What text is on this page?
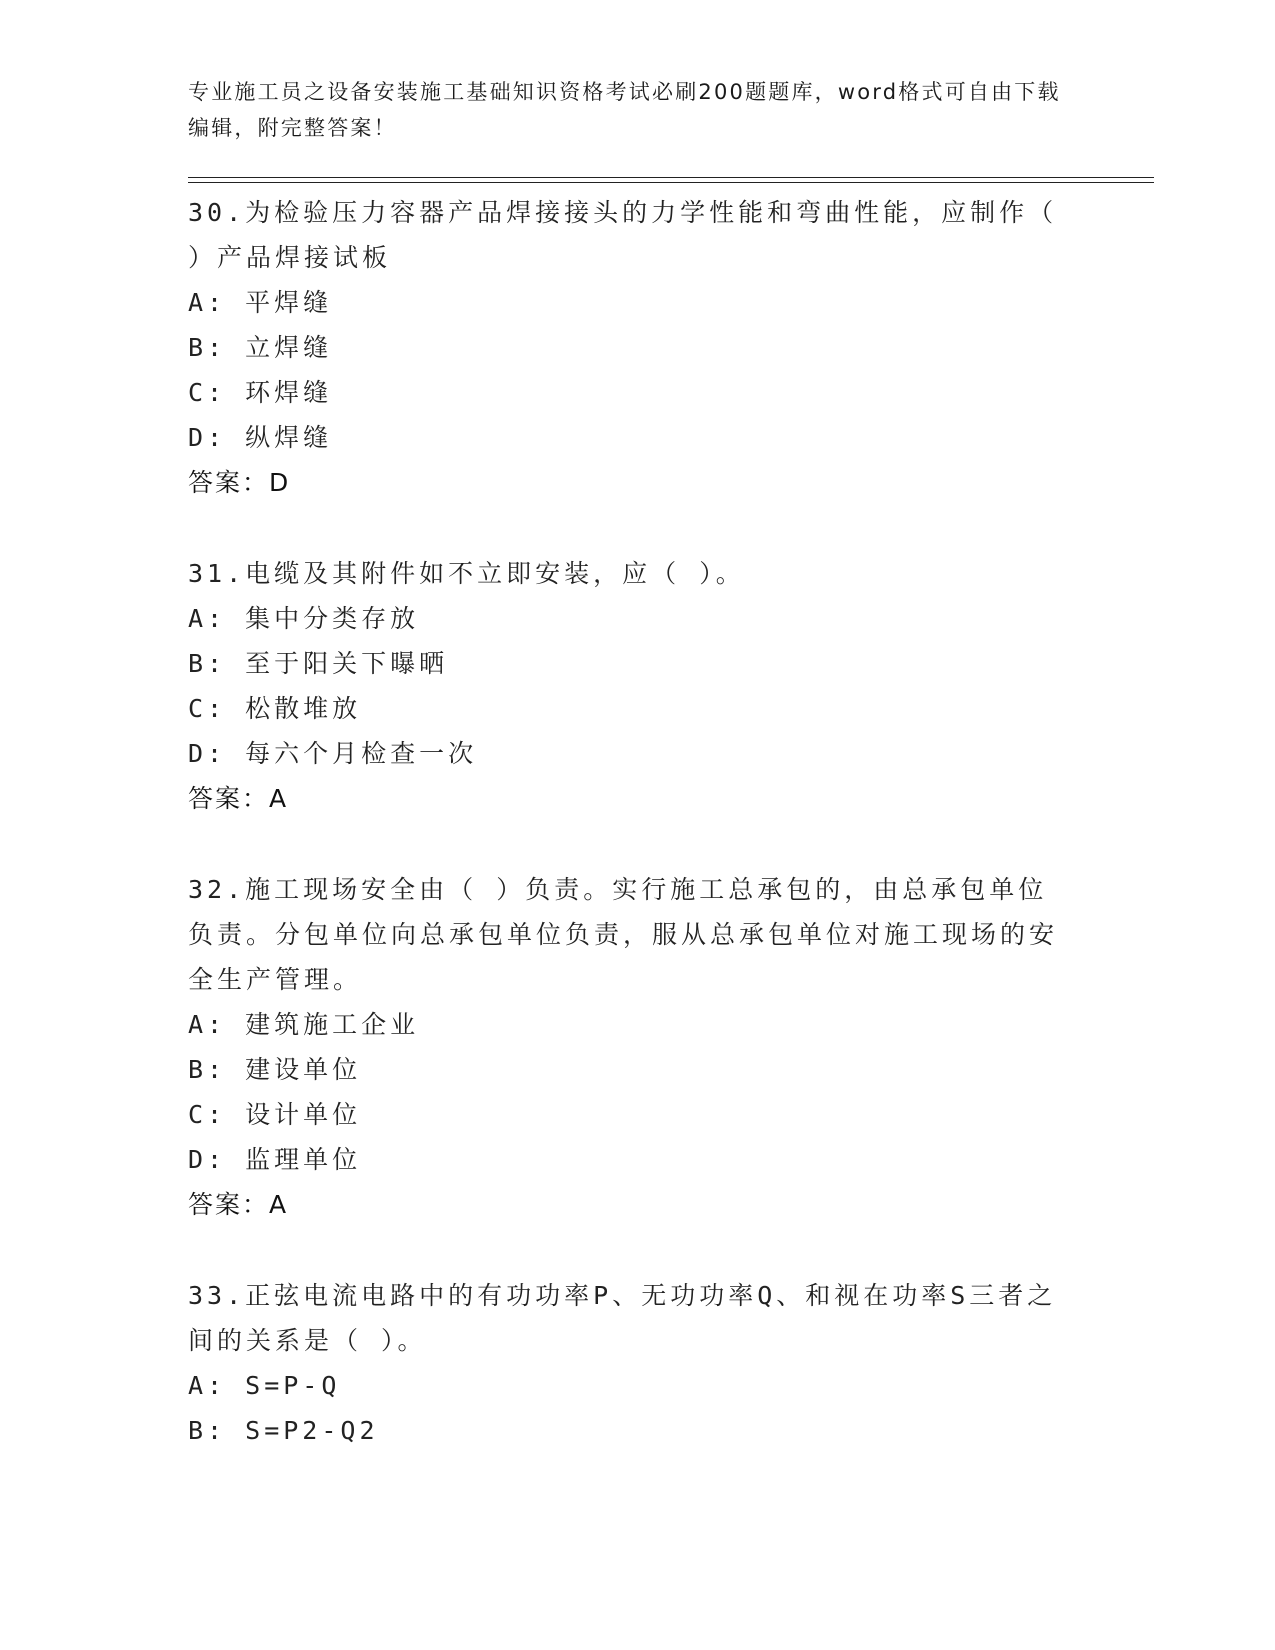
专业施工员之设备安装施工基础知识资格考试必刷200题题库，word格式可自由下载编辑，附完整答案！
30.为检验压力容器产品焊接接头的力学性能和弯曲性能，应制作（ ）产品焊接试板
A: 平焊缝
B: 立焊缝
C: 环焊缝
D: 纵焊缝
答案：D
31.电缆及其附件如不立即安装，应（ ）。
A: 集中分类存放
B: 至于阳关下曝晒
C: 松散堆放
D: 每六个月检查一次
答案：A
32.施工现场安全由（ ）负责。实行施工总承包的，由总承包单位负责。分包单位向总承包单位负责，服从总承包单位对施工现场的安全生产管理。
A: 建筑施工企业
B: 建设单位
C: 设计单位
D: 监理单位
答案：A
33.正弦电流电路中的有功功率P、无功功率Q、和视在功率S三者之间的关系是（ ）。
A: S=P-Q
B: S=P2-Q2
